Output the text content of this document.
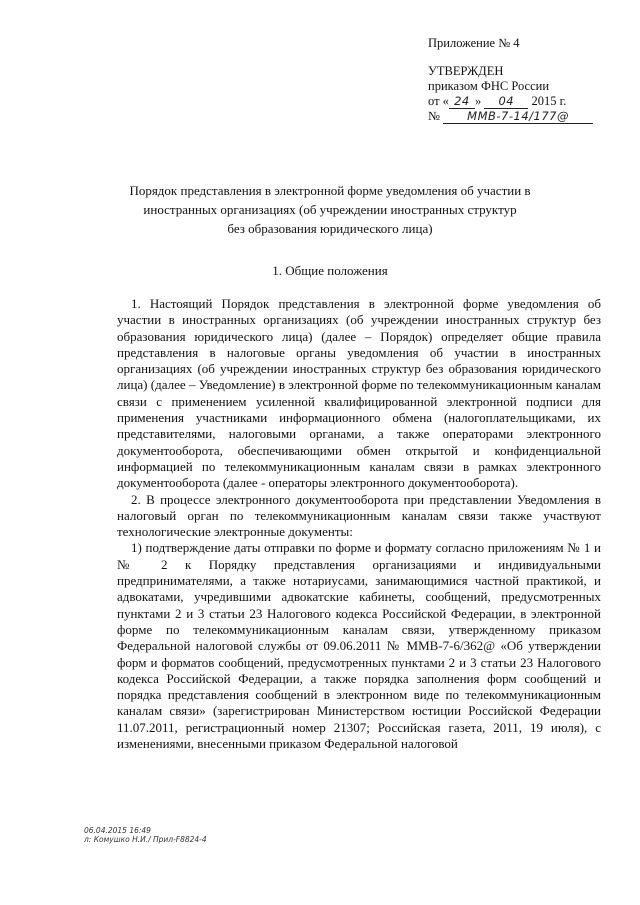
Приложение № 4
УТВЕРЖДЕН
приказом ФНС России
от « 24 » 04 2015 г.
№ ММВ-7-14/177@
Порядок представления в электронной форме уведомления об участии в
иностранных организациях (об учреждении иностранных структур
без образования юридического лица)
1. Общие положения

1. Настоящий Порядок представления в электронной форме уведомления об участии в иностранных организациях (об учреждении иностранных структур без образования юридического лица) (далее – Порядок) определяет общие правила представления в налоговые органы уведомления об участии в иностранных организациях (об учреждении иностранных структур без образования юридического лица) (далее – Уведомление) в электронной форме по телекоммуникационным каналам связи с применением усиленной квалифицированной электронной подписи для применения участниками информационного обмена (налогоплательщиками, их представителями, налоговыми органами, а также операторами электронного документооборота, обеспечивающими обмен открытой и конфиденциальной информацией по телекоммуникационным каналам связи в рамках электронного документооборота (далее - операторы электронного документооборота).

2. В процессе электронного документооборота при представлении Уведомления в налоговый орган по телекоммуникационным каналам связи также участвуют технологические электронные документы:

1) подтверждение даты отправки по форме и формату согласно приложениям № 1 и № 2 к Порядку представления организациями и индивидуальными предпринимателями, а также нотариусами, занимающимися частной практикой, и адвокатами, учредившими адвокатские кабинеты, сообщений, предусмотренных пунктами 2 и 3 статьи 23 Налогового кодекса Российской Федерации, в электронной форме по телекоммуникационным каналам связи, утвержденному приказом Федеральной налоговой службы от 09.06.2011 № ММВ-7-6/362@ «Об утверждении форм и форматов сообщений, предусмотренных пунктами 2 и 3 статьи 23 Налогового кодекса Российской Федерации, а также порядка заполнения форм сообщений и порядка представления сообщений в электронном виде по телекоммуникационным каналам связи» (зарегистрирован Министерством юстиции Российской Федерации 11.07.2011, регистрационный номер 21307; Российская газета, 2011, 19 июля), с изменениями, внесенными приказом Федеральной налоговой

06.04.2015 16:49
л: Комушко Н.И./ Прил-F8824-4
